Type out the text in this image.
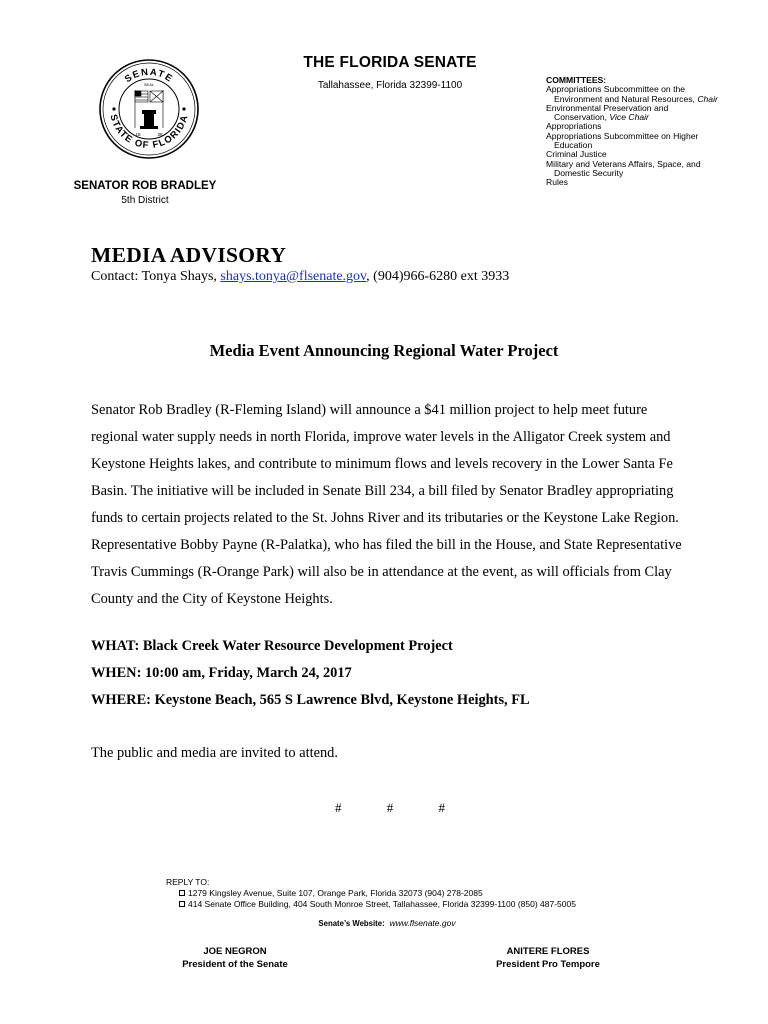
SENATE
STATE OF FLORIDA
SEAL
18	38
THE FLORIDA SENATE
Tallahassee, Florida 32399-1100	COMMITTEES:
Appropriations Subcommittee on the
Environment and Natural Resources, Chair
Environmental Preservation and
Conservation, Vice Chair
Appropriations
Appropriations Subcommittee on Higher
Education
Criminal Justice
Military and Veterans Affairs, Space, and
Domestic Security
Rules
SENATOR ROB BRADLEY
5th District
MEDIA ADVISORY
Contact: Tonya Shays, shays.tonya@flsenate.gov, (904)966-6280 ext 3933
Media Event Announcing Regional Water Project
Senator Rob Bradley (R-Fleming Island) will announce a $41 million project to help meet future regional water supply needs in north Florida, improve water levels in the Alligator Creek system and Keystone Heights lakes, and contribute to minimum flows and levels recovery in the Lower Santa Fe Basin. The initiative will be included in Senate Bill 234, a bill filed by Senator Bradley appropriating funds to certain projects related to the St. Johns River and its tributaries or the Keystone Lake Region. Representative Bobby Payne (R-Palatka), who has filed the bill in the House, and State Representative Travis Cummings (R-Orange Park) will also be in attendance at the event, as will officials from Clay County and the City of Keystone Heights.
WHAT: Black Creek Water Resource Development Project
WHEN: 10:00 am, Friday, March 24, 2017
WHERE: Keystone Beach, 565 S Lawrence Blvd, Keystone Heights, FL
The public and media are invited to attend.
#	#	#
REPLY TO:
1279 Kingsley Avenue, Suite 107, Orange Park, Florida 32073 (904) 278-2085
414 Senate Office Building, 404 South Monroe Street, Tallahassee, Florida 32399-1100 (850) 487-5005
Senate’s Website: www.flsenate.gov
JOE NEGRON
President of the Senate
ANITERE FLORES
President Pro Tempore
